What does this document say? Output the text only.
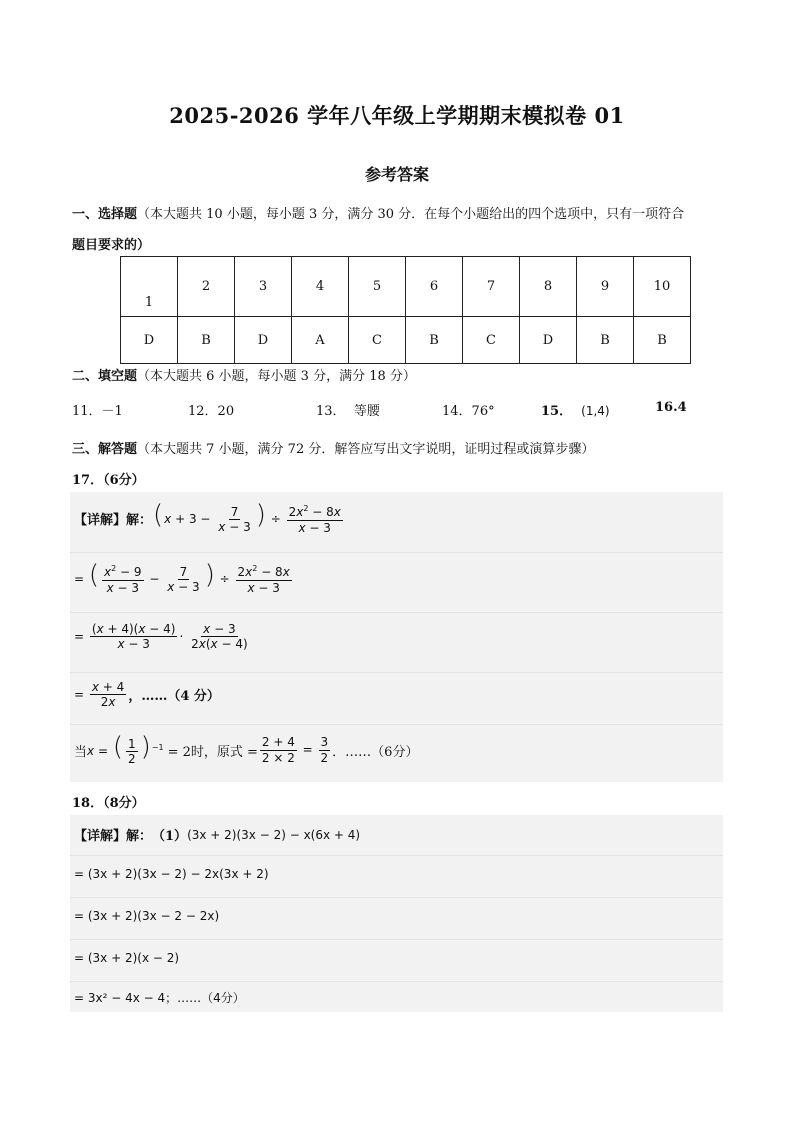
2025-2026 学年八年级上学期期末模拟卷 01
参考答案
一、选择题（本大题共 10 小题，每小题 3 分，满分 30 分．在每个小题给出的四个选项中，只有一项符合
题目要求的）
1	2	3	4	5	6	7	8	9	10
D	B	D	A	C	B	C	D	B	B
二、填空题（本大题共 6 小题，每小题 3 分，满分 18 分）
11．－1	12．20	13． 等腰	14．76°	15． (1,4)	16.4
三、解答题（本大题共 7 小题，满分 72 分．解答应写出文字说明，证明过程或演算步骤）
17．（6分）
【详解】解： ($x + 3 - \frac{7}{x - 3}$ ) ÷ $\frac{2x^2 - 8x}{x - 3}$
= ( $\frac{x^2 - 9}{x - 3} - \frac{7}{x - 3}$ ) ÷ $\frac{2x^2 - 8x}{x - 3}$
= $\frac{(x + 4)(x - 4)}{x - 3} \cdot \frac{x - 3}{2x(x - 4)}$
= $\frac{x + 4}{2x}$ ，……（4 分）
当 x = ( $\frac{1}{2} )^{-1} = 2$时，原式 = $\frac{2 + 4}{2 \times 2} = \frac{3}{2}$ ．……（6分）
18．（8分）
【详解】解： （1） (3x + 2)(3x − 2) − x(6x + 4)
= (3x + 2)(3x − 2) − 2x(3x + 2)
= (3x + 2)(3x − 2 − 2x)
= (3x + 2)(x − 2)
= 3x² − 4x − 4；……（4分）
